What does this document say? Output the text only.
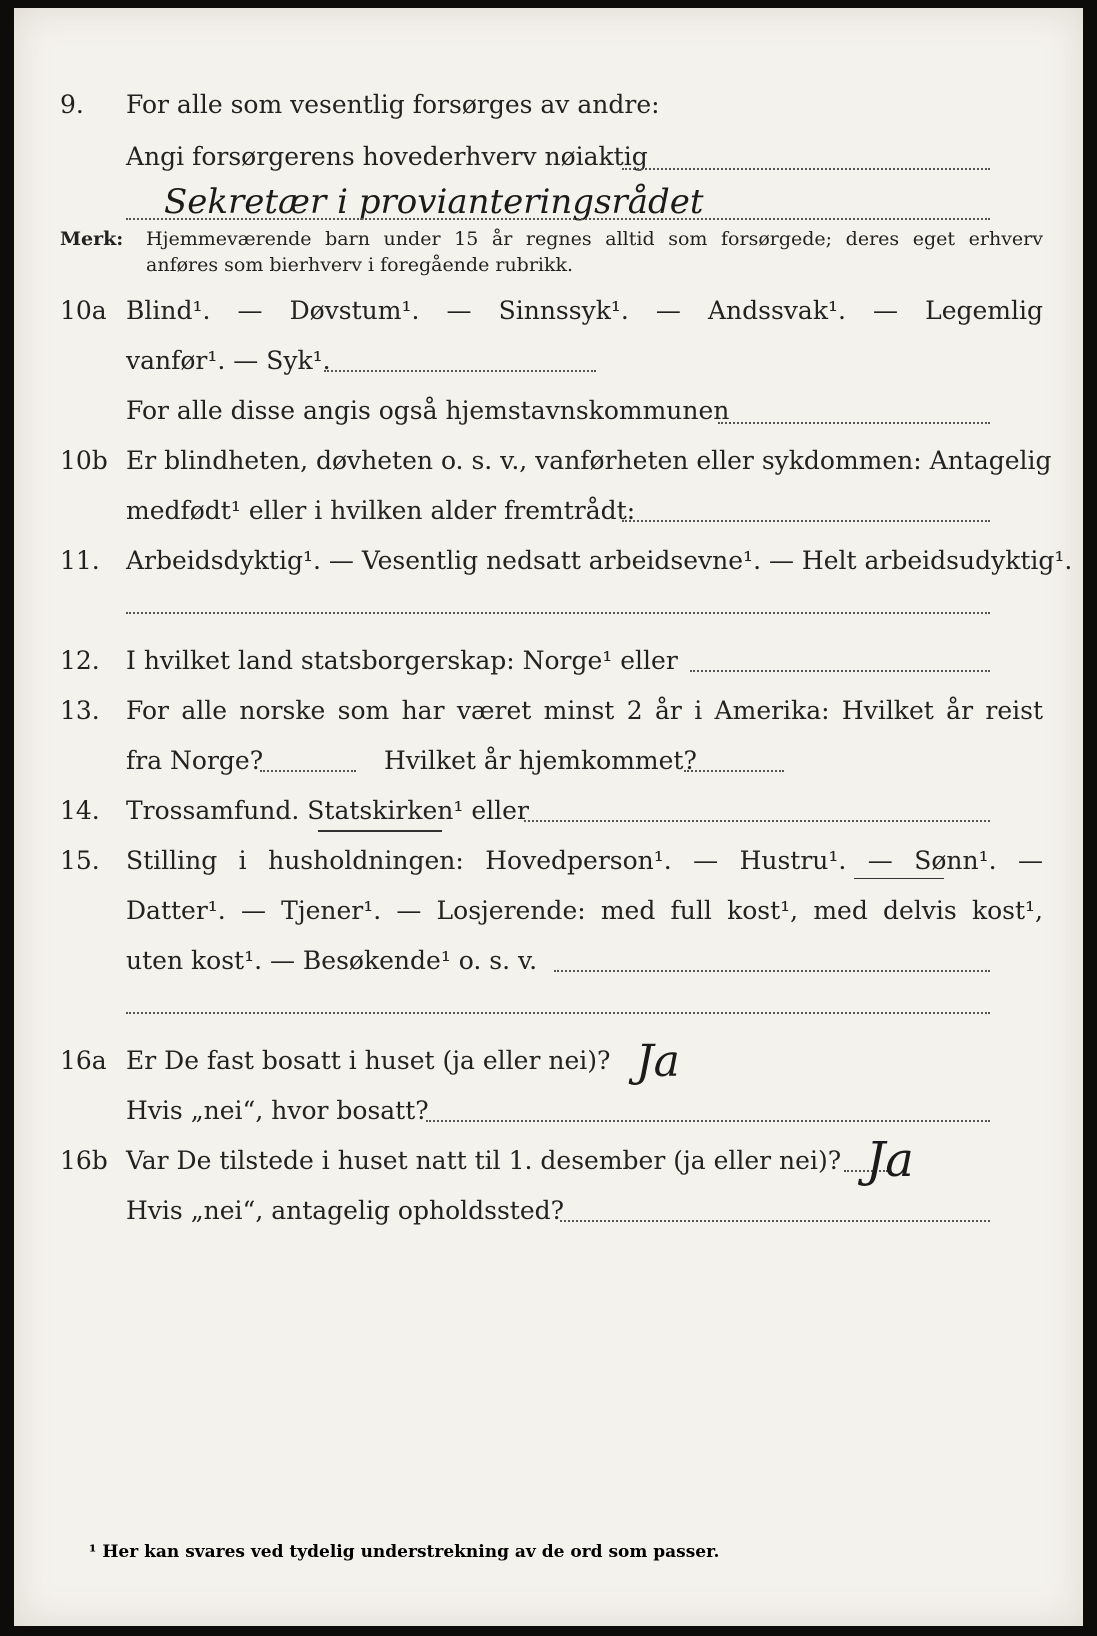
9. For alle som vesentlig forsørges av andre:
Angi forsørgerens hovederhverv nøiaktig
Sekretær i provianteringsrådet
Merk: Hjemmeværende barn under 15 år regnes alltid som forsørgede; deres eget erhverv
anføres som bierhverv i foregående rubrikk.
10a Blind¹. — Døvstum¹. — Sinnssyk¹. — Andssvak¹. — Legemlig
vanfør¹. — Syk¹.
For alle disse angis også hjemstavnskommunen
10b Er blindheten, døvheten o. s. v., vanførheten eller sykdommen: Antagelig
medfødt¹ eller i hvilken alder fremtrådt:
11. Arbeidsdyktig¹. — Vesentlig nedsatt arbeidsevne¹. — Helt arbeidsudyktig¹.
12. I hvilket land statsborgerskap: Norge¹ eller
13. For alle norske som har været minst 2 år i Amerika: Hvilket år reist
fra Norge?	Hvilket år hjemkommet?
14. Trossamfund. Statskirken¹ eller
15. Stilling i husholdningen: Hovedperson¹. — Hustru¹. — Sønn¹. —
Datter¹. — Tjener¹. — Losjerende: med full kost¹, med delvis kost¹,
uten kost¹. — Besøkende¹ o. s. v.
16a Er De fast bosatt i huset (ja eller nei)? Ja
Hvis „nei“, hvor bosatt?
16b Var De tilstede i huset natt til 1. desember (ja eller nei)? Ja
Hvis „nei“, antagelig opholdssted?
¹ Her kan svares ved tydelig understrekning av de ord som passer.
